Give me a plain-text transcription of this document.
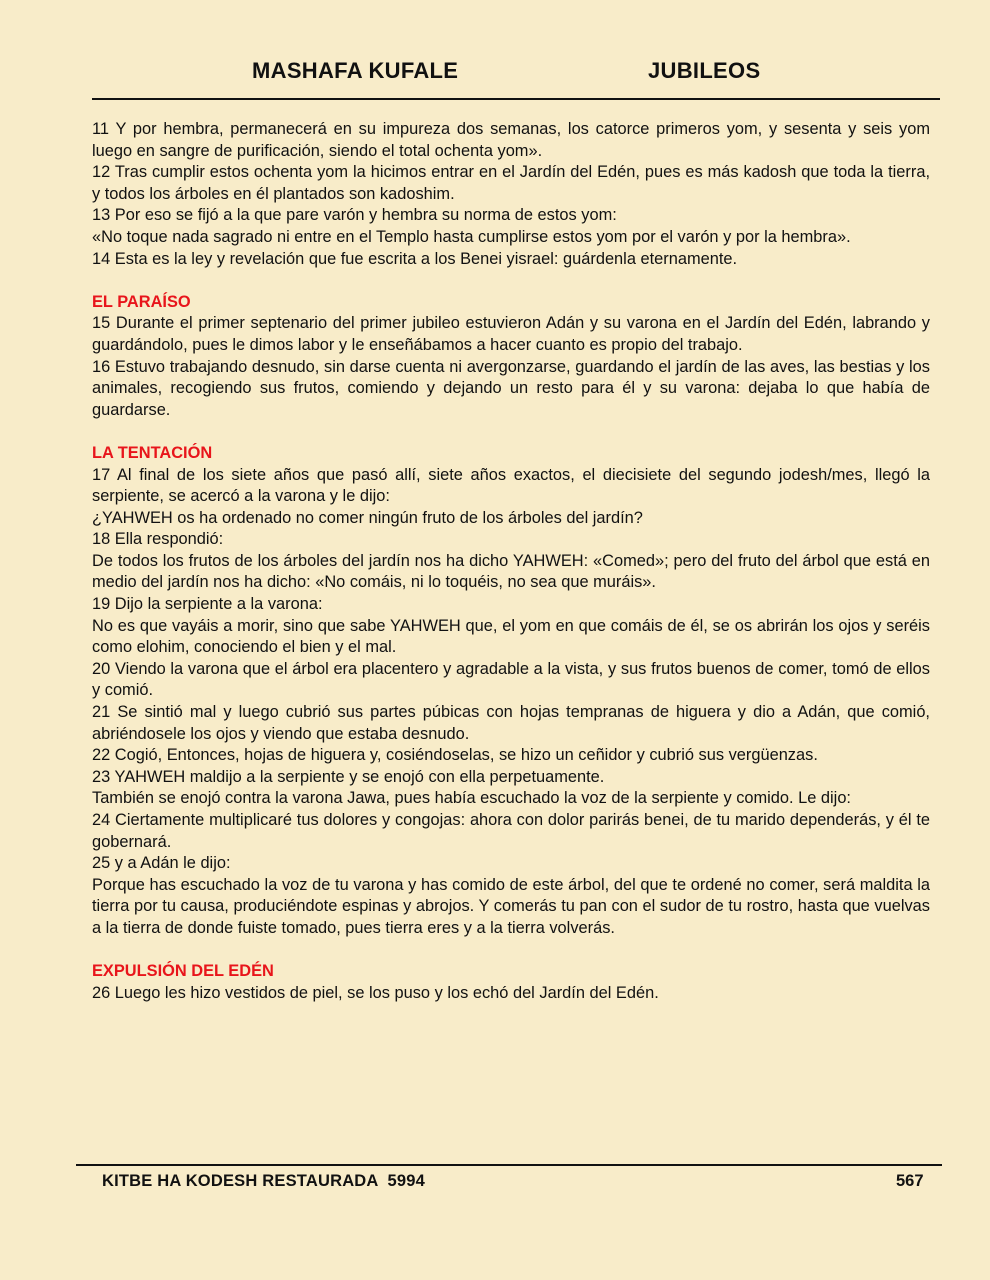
MASHAFA KUFALE	JUBILEOS

11 Y por hembra, permanecerá en su impureza dos semanas, los catorce primeros yom, y sesenta y seis yom luego en sangre de purificación, siendo el total ochenta yom».

12 Tras cumplir estos ochenta yom la hicimos entrar en el Jardín del Edén, pues es más kadosh que toda la tierra, y todos los árboles en él plantados son kadoshim.

13 Por eso se fijó a la que pare varón y hembra su norma de estos yom:

«No toque nada sagrado ni entre en el Templo hasta cumplirse estos yom por el varón y por la hembra».

14 Esta es la ley y revelación que fue escrita a los Benei yisrael: guárdenla eternamente.

EL PARAÍSO

15 Durante el primer septenario del primer jubileo estuvieron Adán y su varona en el Jardín del Edén, labrando y guardándolo, pues le dimos labor y le enseñábamos a hacer cuanto es propio del trabajo.

16 Estuvo trabajando desnudo, sin darse cuenta ni avergonzarse, guardando el jardín de las aves, las bestias y los animales, recogiendo sus frutos, comiendo y dejando un resto para él y su varona: dejaba lo que había de guardarse.

LA TENTACIÓN

17 Al final de los siete años que pasó allí, siete años exactos, el diecisiete del segundo jodesh/mes, llegó la serpiente, se acercó a la varona y le dijo:

¿YAHWEH os ha ordenado no comer ningún fruto de los árboles del jardín?

18 Ella respondió:

De todos los frutos de los árboles del jardín nos ha dicho YAHWEH: «Comed»; pero del fruto del árbol que está en medio del jardín nos ha dicho: «No comáis, ni lo toquéis, no sea que muráis».

19 Dijo la serpiente a la varona:

No es que vayáis a morir, sino que sabe YAHWEH que, el yom en que comáis de él, se os abrirán los ojos y seréis como elohim, conociendo el bien y el mal.

20 Viendo la varona que el árbol era placentero y agradable a la vista, y sus frutos buenos de comer, tomó de ellos y comió.

21 Se sintió mal y luego cubrió sus partes púbicas con hojas tempranas de higuera y dio a Adán, que comió, abriéndosele los ojos y viendo que estaba desnudo.

22 Cogió, Entonces, hojas de higuera y, cosiéndoselas, se hizo un ceñidor y cubrió sus vergüenzas.

23 YAHWEH maldijo a la serpiente y se enojó con ella perpetuamente.

También se enojó contra la varona Jawa, pues había escuchado la voz de la serpiente y comido. Le dijo:

24 Ciertamente multiplicaré tus dolores y congojas: ahora con dolor parirás benei, de tu marido dependerás, y él te gobernará.

25 y a Adán le dijo:

Porque has escuchado la voz de tu varona y has comido de este árbol, del que te ordené no comer, será maldita la tierra por tu causa, produciéndote espinas y abrojos. Y comerás tu pan con el sudor de tu rostro, hasta que vuelvas a la tierra de donde fuiste tomado, pues tierra eres y a la tierra volverás.

EXPULSIÓN DEL EDÉN

26 Luego les hizo vestidos de piel, se los puso y los echó del Jardín del Edén.

KITBE HA KODESH RESTAURADA  5994	567
